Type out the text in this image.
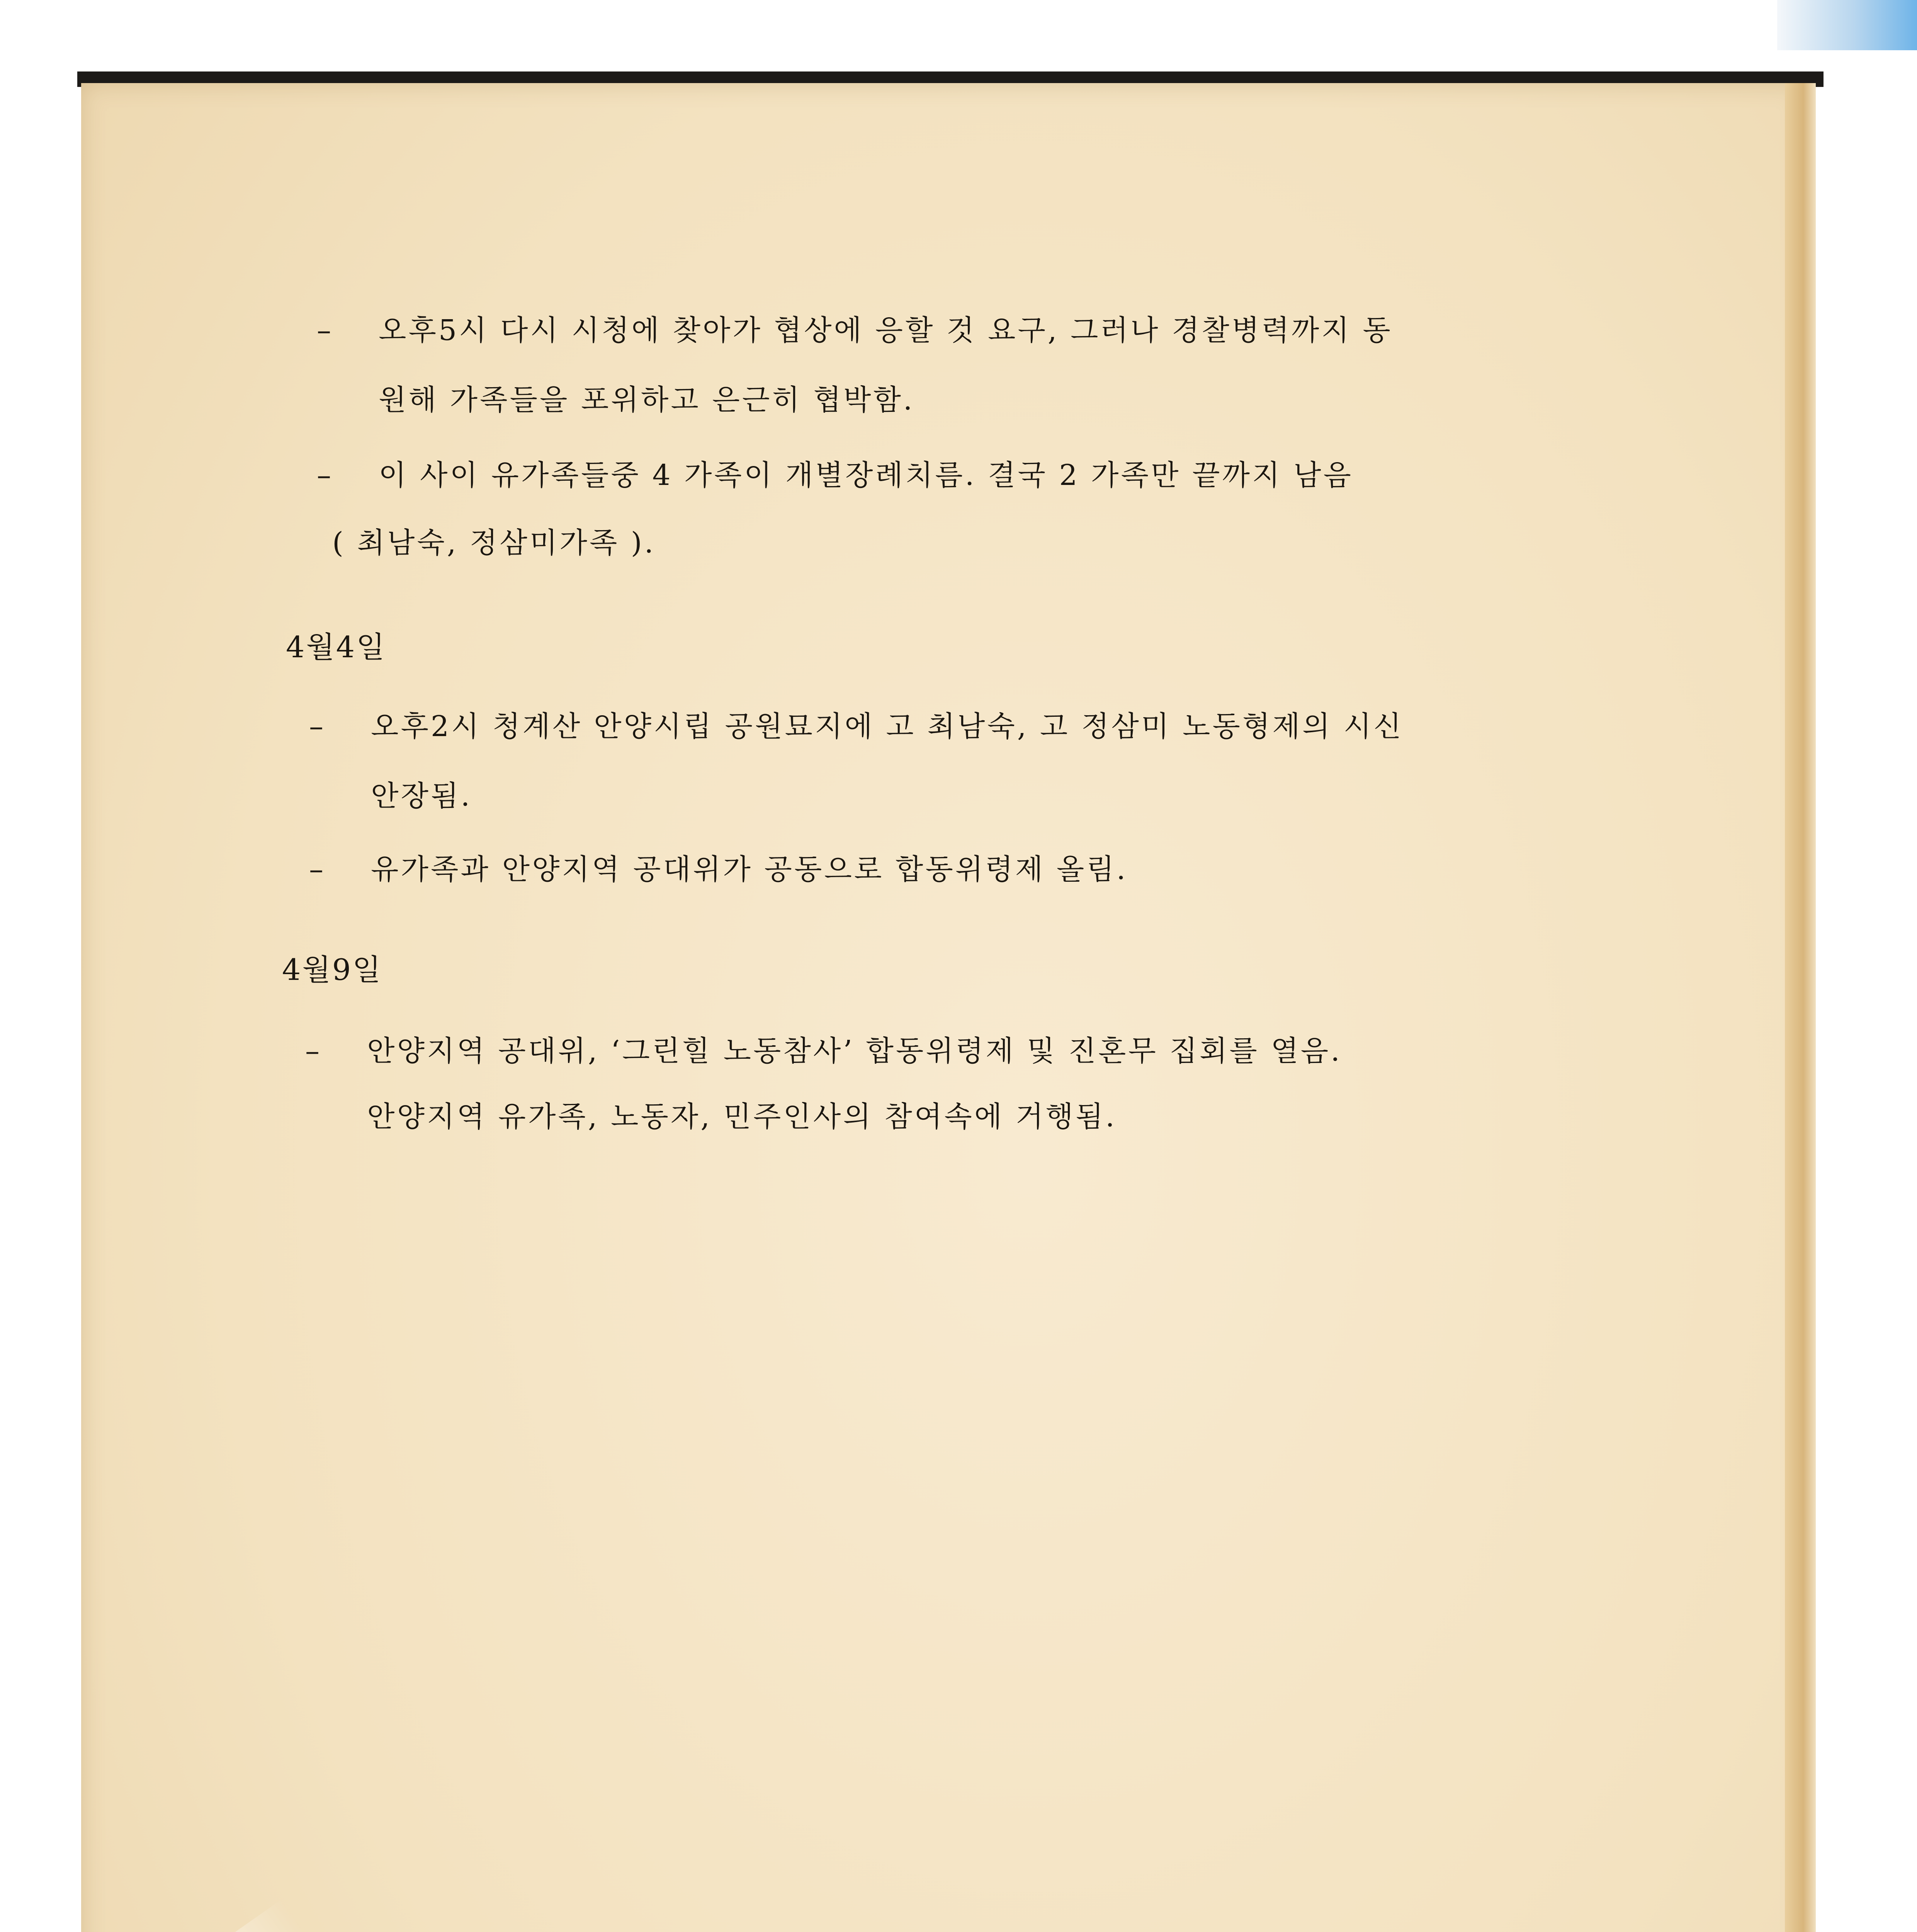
– 오후5시 다시 시청에 찾아가 협상에 응할 것 요구, 그러나 경찰병력까지 동
원해 가족들을 포위하고 은근히 협박함.
– 이 사이 유가족들중 4 가족이 개별장례치름. 결국 2 가족만 끝까지 남음
( 최남숙, 정삼미가족 ).
4월4일
– 오후2시 청계산 안양시립 공원묘지에 고 최남숙, 고 정삼미 노동형제의 시신
안장됨.
– 유가족과 안양지역 공대위가 공동으로 합동위령제 올림.
4월9일
– 안양지역 공대위, ‘그린힐 노동참사’ 합동위령제 및 진혼무 집회를 열음.
안양지역 유가족, 노동자, 민주인사의 참여속에 거행됨.
